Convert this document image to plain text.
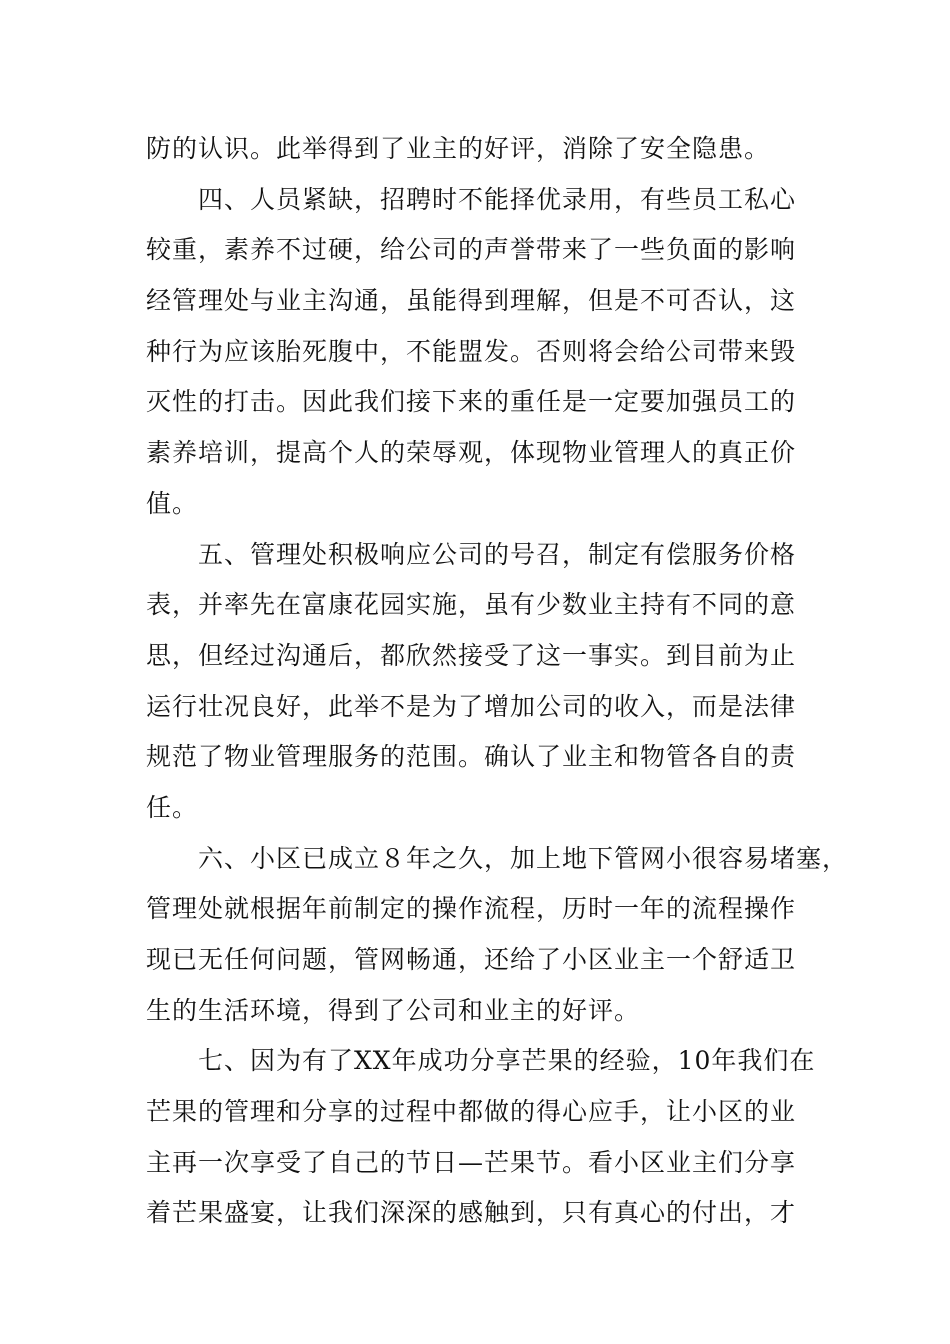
防的认识。此举得到了业主的好评，消除了安全隐患。
四、人员紧缺，招聘时不能择优录用，有些员工私心
较重，素养不过硬，给公司的声誉带来了一些负面的影响
经管理处与业主沟通，虽能得到理解，但是不可否认，这
种行为应该胎死腹中，不能盟发。否则将会给公司带来毁
灭性的打击。因此我们接下来的重任是一定要加强员工的
素养培训，提高个人的荣辱观，体现物业管理人的真正价
值。
五、管理处积极响应公司的号召，制定有偿服务价格
表，并率先在富康花园实施，虽有少数业主持有不同的意
思，但经过沟通后，都欣然接受了这一事实。到目前为止
运行壮况良好，此举不是为了增加公司的收入，而是法律
规范了物业管理服务的范围。确认了业主和物管各自的责
任。
六、小区已成立８年之久，加上地下管网小很容易堵塞，
管理处就根据年前制定的操作流程，历时一年的流程操作
现已无任何问题，管网畅通，还给了小区业主一个舒适卫
生的生活环境，得到了公司和业主的好评。
七、因为有了XX年成功分享芒果的经验，10年我们在
芒果的管理和分享的过程中都做的得心应手，让小区的业
主再一次享受了自己的节日—芒果节。看小区业主们分享
着芒果盛宴，让我们深深的感触到，只有真心的付出，才
